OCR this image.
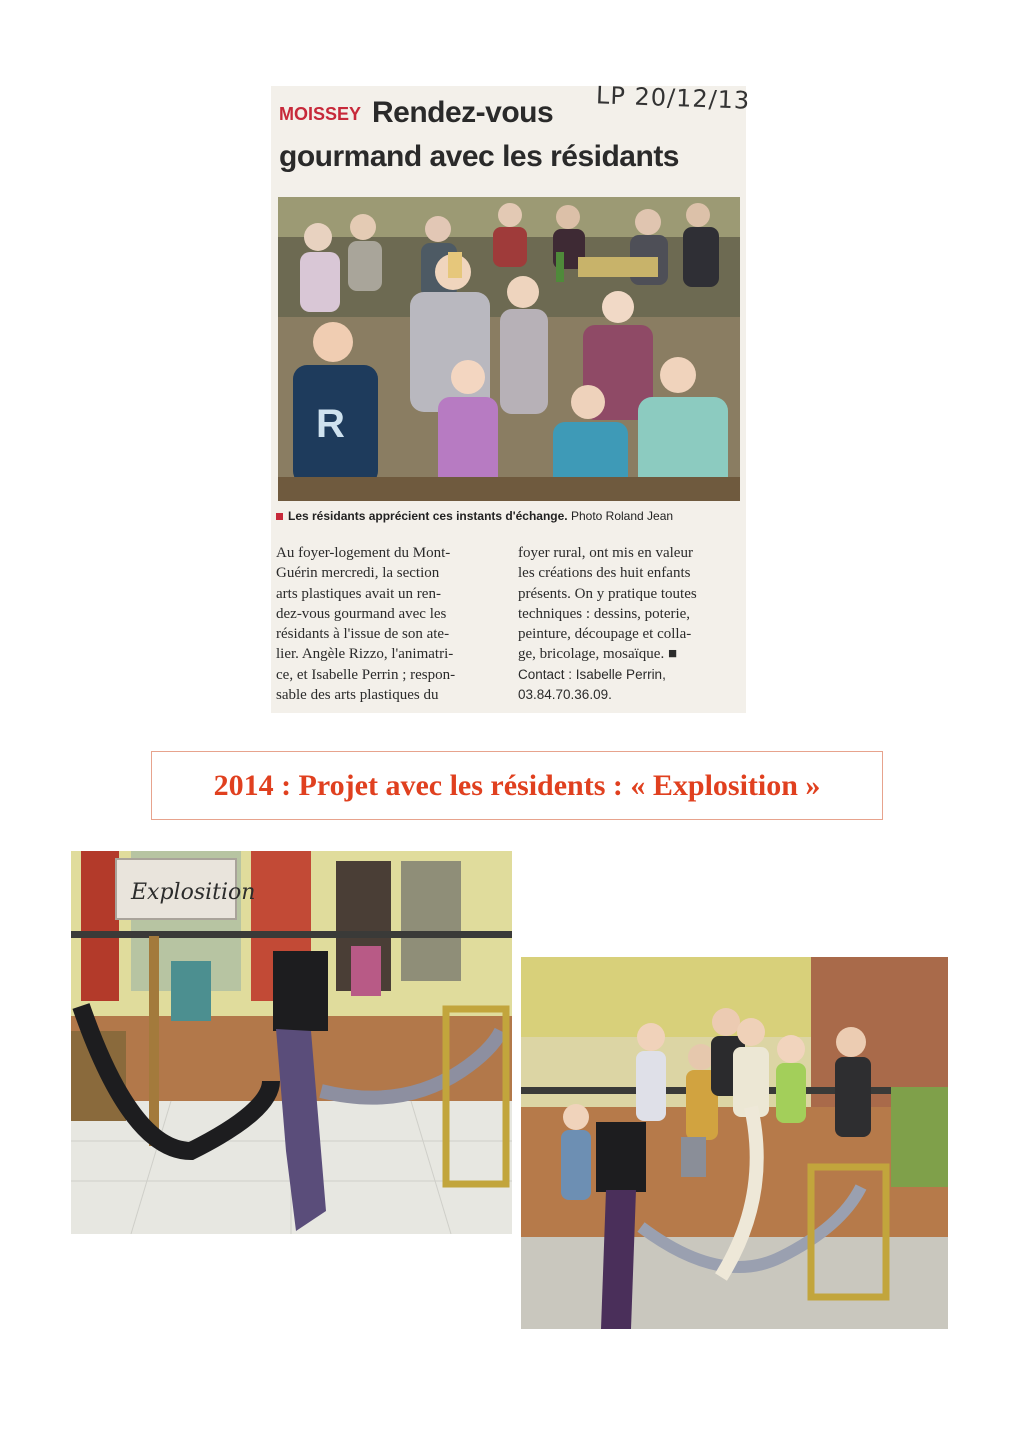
LP 20/12/13
MOISSEY Rendez-vous
gourmand avec les résidants
R
Les résidants apprécient ces instants d'échange. Photo Roland Jean
Au foyer-logement du Mont-
Guérin mercredi, la section
arts plastiques avait un ren-
dez-vous gourmand avec les
résidants à l'issue de son ate-
lier. Angèle Rizzo, l'animatri-
ce, et Isabelle Perrin ; respon-
sable des arts plastiques du
foyer rural, ont mis en valeur
les créations des huit enfants
présents. On y pratique toutes
techniques : dessins, poterie,
peinture, découpage et colla-
ge, bricolage, mosaïque. ■
Contact : Isabelle Perrin,
03.84.70.36.09.
2014 : Projet avec les résidents : « Explosition »
Explosition
